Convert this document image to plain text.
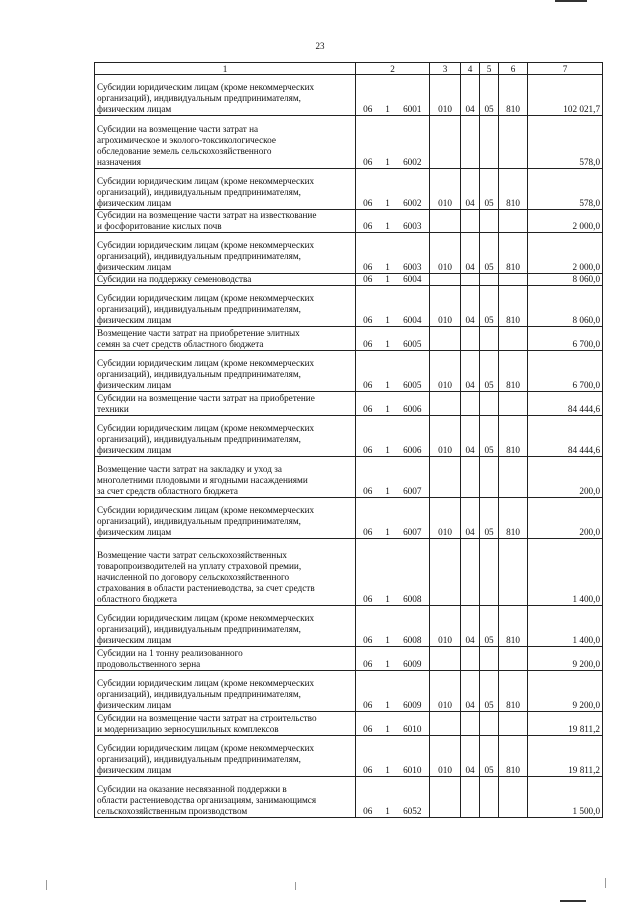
23
1	2			3	4	5	6	7

Субсидии юридическим лицам (кроме некоммерческих
организаций), индивидуальным предпринимателям,
физическим лицам	06	1	6001	010	04	05	810	102 021,7

Субсидии на возмещение части затрат на
агрохимическое и эколого-токсикологическое
обследование земель сельскохозяйственного
назначения	06	1	6002					578,0

Субсидии юридическим лицам (кроме некоммерческих
организаций), индивидуальным предпринимателям,
физическим лицам	06	1	6002	010	04	05	810	578,0

Субсидии на возмещение части затрат на известкование
и фосфоритование кислых почв	06	1	6003					2 000,0

Субсидии юридическим лицам (кроме некоммерческих
организаций), индивидуальным предпринимателям,
физическим лицам	06	1	6003	010	04	05	810	2 000,0

Субсидии на поддержку семеноводства	06	1	6004					8 060,0

Субсидии юридическим лицам (кроме некоммерческих
организаций), индивидуальным предпринимателям,
физическим лицам	06	1	6004	010	04	05	810	8 060,0

Возмещение части затрат на приобретение элитных
семян за счет средств областного бюджета	06	1	6005					6 700,0

Субсидии юридическим лицам (кроме некоммерческих
организаций), индивидуальным предпринимателям,
физическим лицам	06	1	6005	010	04	05	810	6 700,0

Субсидии на возмещение части затрат на приобретение
техники	06	1	6006					84 444,6

Субсидии юридическим лицам (кроме некоммерческих
организаций), индивидуальным предпринимателям,
физическим лицам	06	1	6006	010	04	05	810	84 444,6

Возмещение части затрат на закладку и уход за
многолетними плодовыми и ягодными насаждениями
за счет средств областного бюджета	06	1	6007					200,0

Субсидии юридическим лицам (кроме некоммерческих
организаций), индивидуальным предпринимателям,
физическим лицам	06	1	6007	010	04	05	810	200,0

Возмещение части затрат сельскохозяйственных
товаропроизводителей на уплату страховой премии,
начисленной по договору сельскохозяйственного
страхования в области растениеводства, за счет средств
областного бюджета	06	1	6008					1 400,0

Субсидии юридическим лицам (кроме некоммерческих
организаций), индивидуальным предпринимателям,
физическим лицам	06	1	6008	010	04	05	810	1 400,0

Субсидии на 1 тонну реализованного
продовольственного зерна	06	1	6009					9 200,0

Субсидии юридическим лицам (кроме некоммерческих
организаций), индивидуальным предпринимателям,
физическим лицам	06	1	6009	010	04	05	810	9 200,0

Субсидии на возмещение части затрат на строительство
и модернизацию зерносушильных комплексов	06	1	6010					19 811,2

Субсидии юридическим лицам (кроме некоммерческих
организаций), индивидуальным предпринимателям,
физическим лицам	06	1	6010	010	04	05	810	19 811,2

Субсидии на оказание несвязанной поддержки в
области растениеводства организациям, занимающимся
сельскохозяйственным производством	06	1	6052					1 500,0
